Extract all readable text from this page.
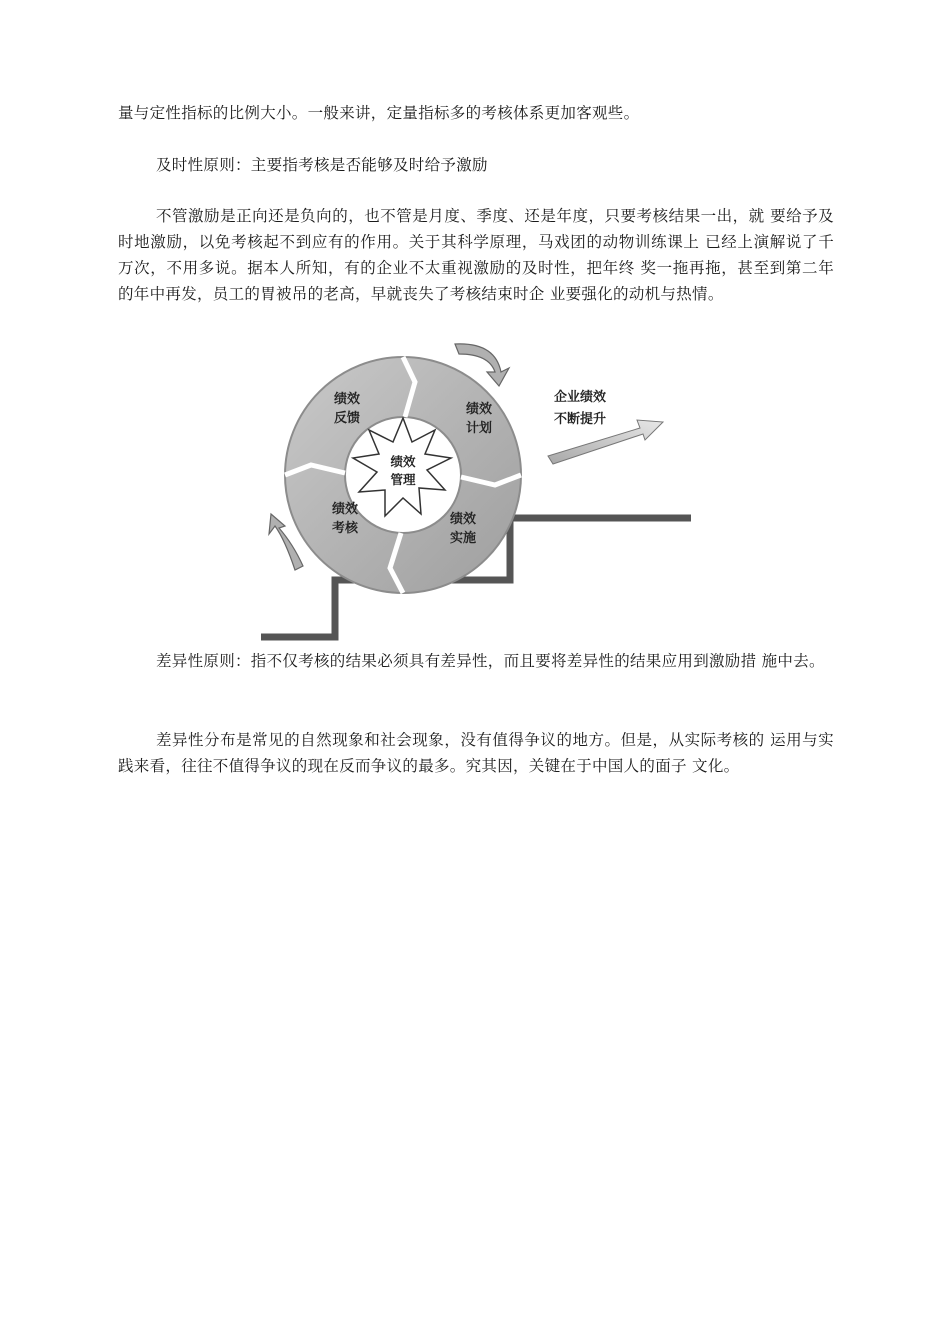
量与定性指标的比例大小。一般来讲，定量指标多的考核体系更加客观些。

及时性原则：主要指考核是否能够及时给予激励

不管激励是正向还是负向的，也不管是月度、季度、还是年度，只要考核结果一出，就 要给予及时地激励，以免考核起不到应有的作用。关于其科学原理，马戏团的动物训练课上 已经上演解说了千万次，不用多说。据本人所知，有的企业不太重视激励的及时性，把年终 奖一拖再拖，甚至到第二年的年中再发，员工的胃被吊的老高，早就丧失了考核结束时企 业要强化的动机与热情。

绩效
反馈
绩效
计划
绩效
考核
绩效
实施
绩效
管理
企业绩效
不断提升

差异性原则：指不仅考核的结果必须具有差异性，而且要将差异性的结果应用到激励措 施中去。

差异性分布是常见的自然现象和社会现象，没有值得争议的地方。但是，从实际考核的 运用与实践来看，往往不值得争议的现在反而争议的最多。究其因，关键在于中国人的面子 文化。
